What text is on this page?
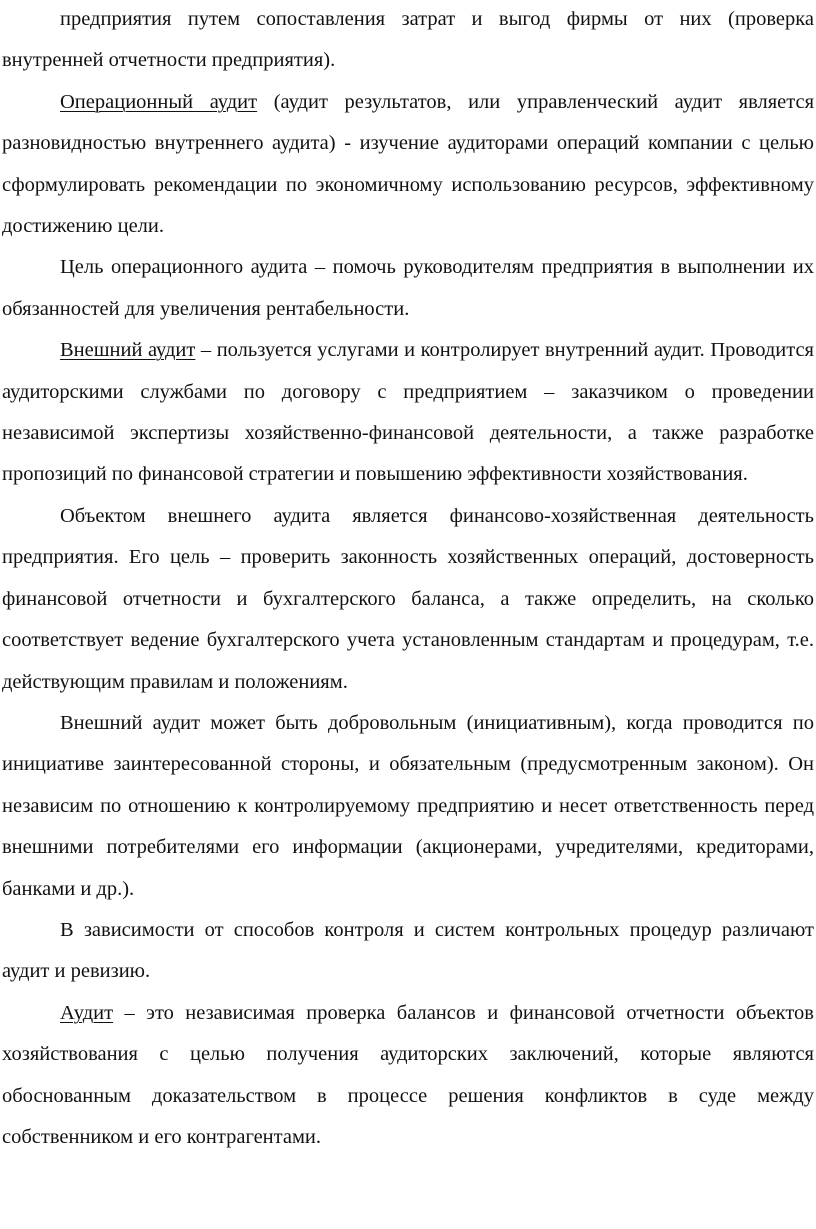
предприятия путем сопоставления затрат и выгод фирмы от них (проверка внутренней отчетности предприятия).

Операционный аудит (аудит результатов, или управленческий аудит является разновидностью внутреннего аудита) - изучение аудиторами операций компании с целью сформулировать рекомендации по экономичному использованию ресурсов, эффективному достижению цели.

Цель операционного аудита – помочь руководителям предприятия в выполнении их обязанностей для увеличения рентабельности.

Внешний аудит – пользуется услугами и контролирует внутренний аудит. Проводится аудиторскими службами по договору с предприятием – заказчиком о проведении независимой экспертизы хозяйственно-финансовой деятельности, а также разработке пропозиций по финансовой стратегии и повышению эффективности хозяйствования.

Объектом внешнего аудита является финансово-хозяйственная деятельность предприятия. Его цель – проверить законность хозяйственных операций, достоверность финансовой отчетности и бухгалтерского баланса, а также определить, на сколько соответствует ведение бухгалтерского учета установленным стандартам и процедурам, т.е. действующим правилам и положениям.

Внешний аудит может быть добровольным (инициативным), когда проводится по инициативе заинтересованной стороны, и обязательным (предусмотренным законом). Он независим по отношению к контролируемому предприятию и несет ответственность перед внешними потребителями его информации (акционерами, учредителями, кредиторами, банками и др.).

В зависимости от способов контроля и систем контрольных процедур различают аудит и ревизию.

Аудит – это независимая проверка балансов и финансовой отчетности объектов хозяйствования с целью получения аудиторских заключений, которые являются обоснованным доказательством в процессе решения конфликтов в суде между собственником и его контрагентами.
